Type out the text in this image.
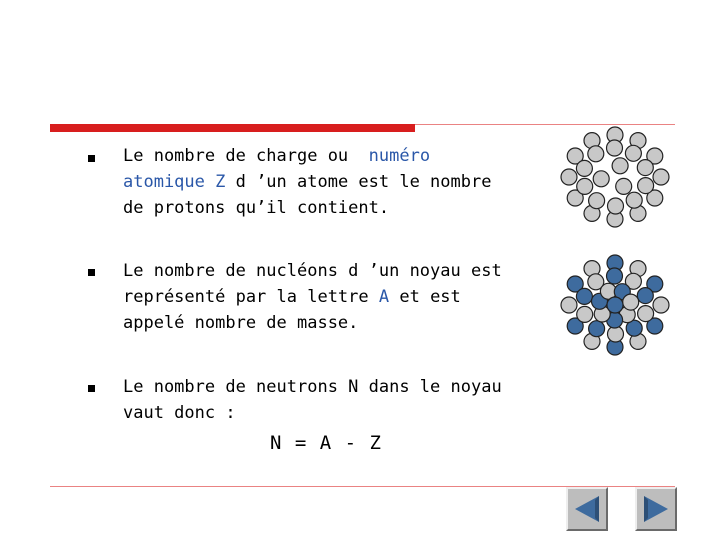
Le nombre de charge ou  numéro
atomique Z d ’un atome est le nombre
de protons qu’il contient.
Le nombre de nucléons d ’un noyau est
représenté par la lettre A et est
appelé nombre de masse.
Le nombre de neutrons N dans le noyau
vaut donc :
N = A - Z
